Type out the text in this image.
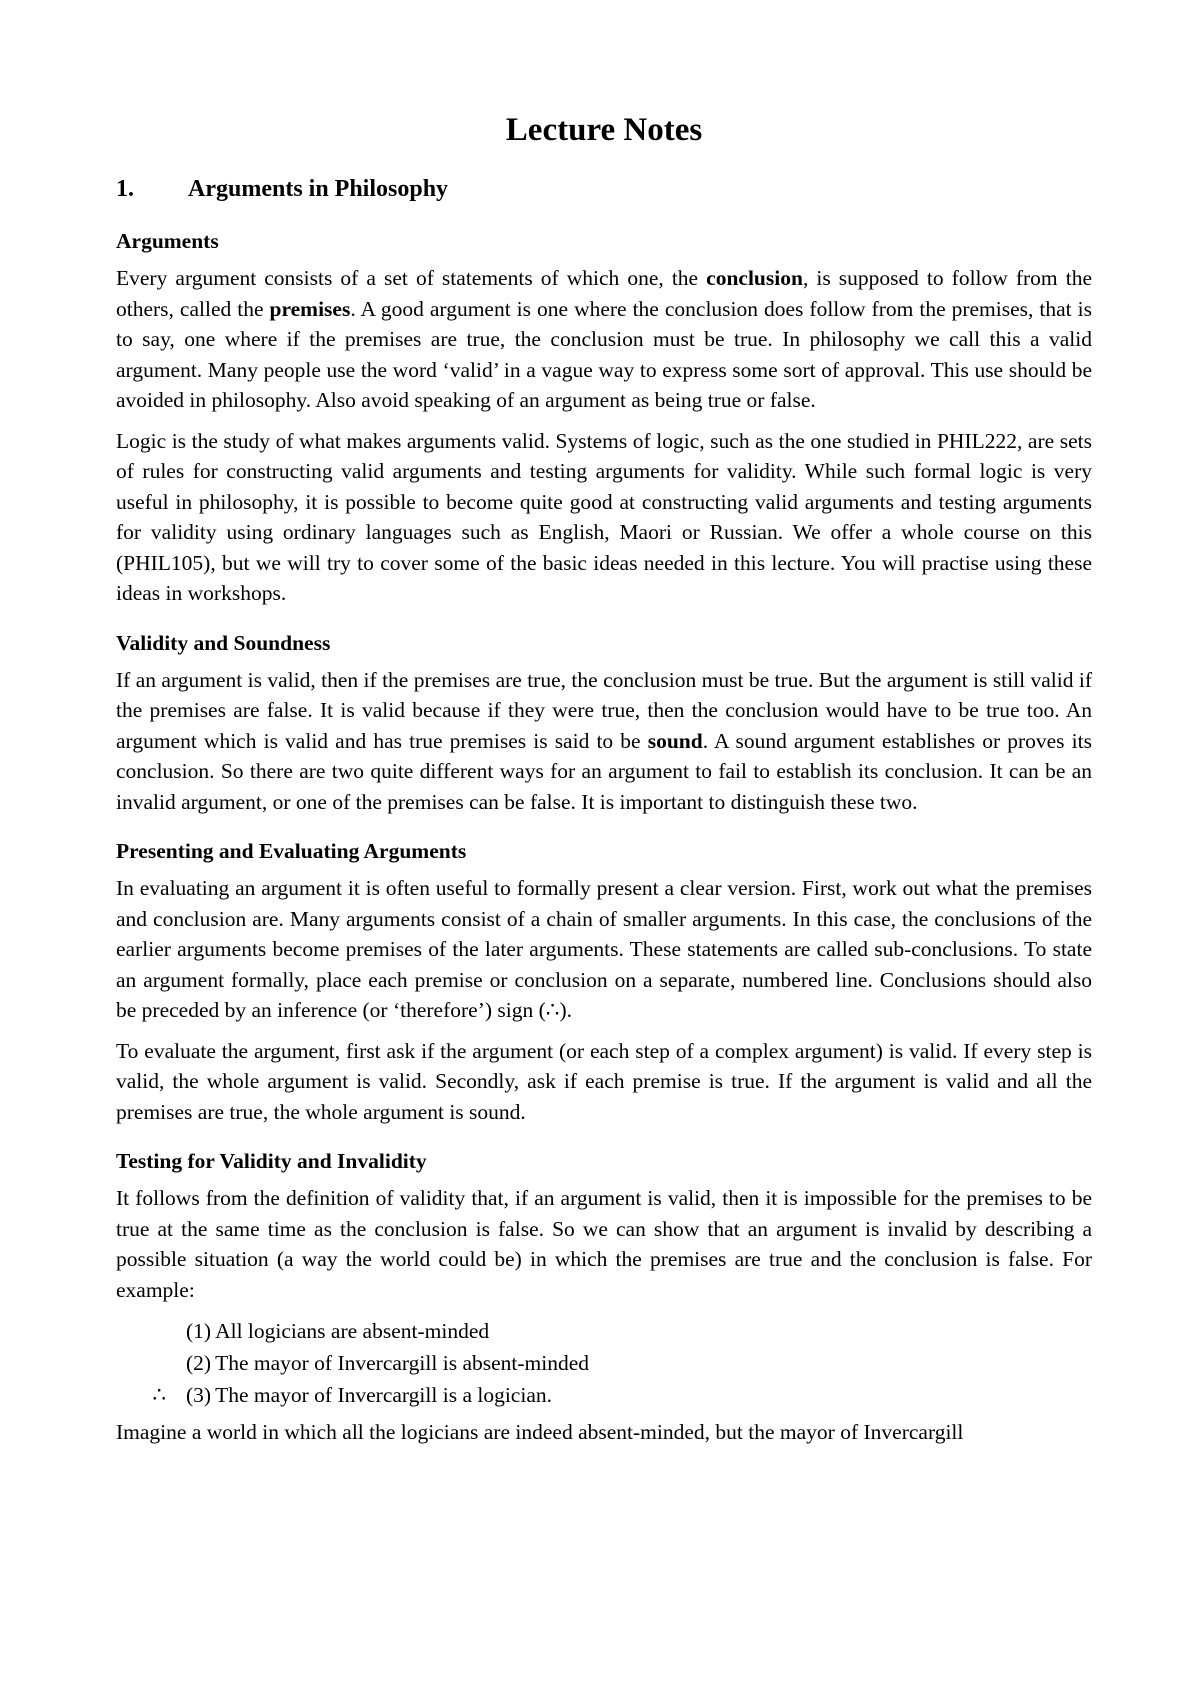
Lecture Notes
1.	Arguments in Philosophy
Arguments

Every argument consists of a set of statements of which one, the conclusion, is supposed to follow from the others, called the premises. A good argument is one where the conclusion does follow from the premises, that is to say, one where if the premises are true, the conclusion must be true. In philosophy we call this a valid argument. Many people use the word ‘valid’ in a vague way to express some sort of approval. This use should be avoided in philosophy. Also avoid speaking of an argument as being true or false.

Logic is the study of what makes arguments valid. Systems of logic, such as the one studied in PHIL222, are sets of rules for constructing valid arguments and testing arguments for validity. While such formal logic is very useful in philosophy, it is possible to become quite good at constructing valid arguments and testing arguments for validity using ordinary languages such as English, Maori or Russian. We offer a whole course on this (PHIL105), but we will try to cover some of the basic ideas needed in this lecture. You will practise using these ideas in workshops.

Validity and Soundness

If an argument is valid, then if the premises are true, the conclusion must be true. But the argument is still valid if the premises are false. It is valid because if they were true, then the conclusion would have to be true too. An argument which is valid and has true premises is said to be sound. A sound argument establishes or proves its conclusion. So there are two quite different ways for an argument to fail to establish its conclusion. It can be an invalid argument, or one of the premises can be false. It is important to distinguish these two.

Presenting and Evaluating Arguments

In evaluating an argument it is often useful to formally present a clear version. First, work out what the premises and conclusion are. Many arguments consist of a chain of smaller arguments. In this case, the conclusions of the earlier arguments become premises of the later arguments. These statements are called sub-conclusions. To state an argument formally, place each premise or conclusion on a separate, numbered line. Conclusions should also be preceded by an inference (or ‘therefore’) sign (∴).

To evaluate the argument, first ask if the argument (or each step of a complex argument) is valid. If every step is valid, the whole argument is valid. Secondly, ask if each premise is true. If the argument is valid and all the premises are true, the whole argument is sound.

Testing for Validity and Invalidity

It follows from the definition of validity that, if an argument is valid, then it is impossible for the premises to be true at the same time as the conclusion is false. So we can show that an argument is invalid by describing a possible situation (a way the world could be) in which the premises are true and the conclusion is false. For example:

(1) All logicians are absent-minded
(2) The mayor of Invercargill is absent-minded
∴ (3) The mayor of Invercargill is a logician.

Imagine a world in which all the logicians are indeed absent-minded, but the mayor of Invercargill
